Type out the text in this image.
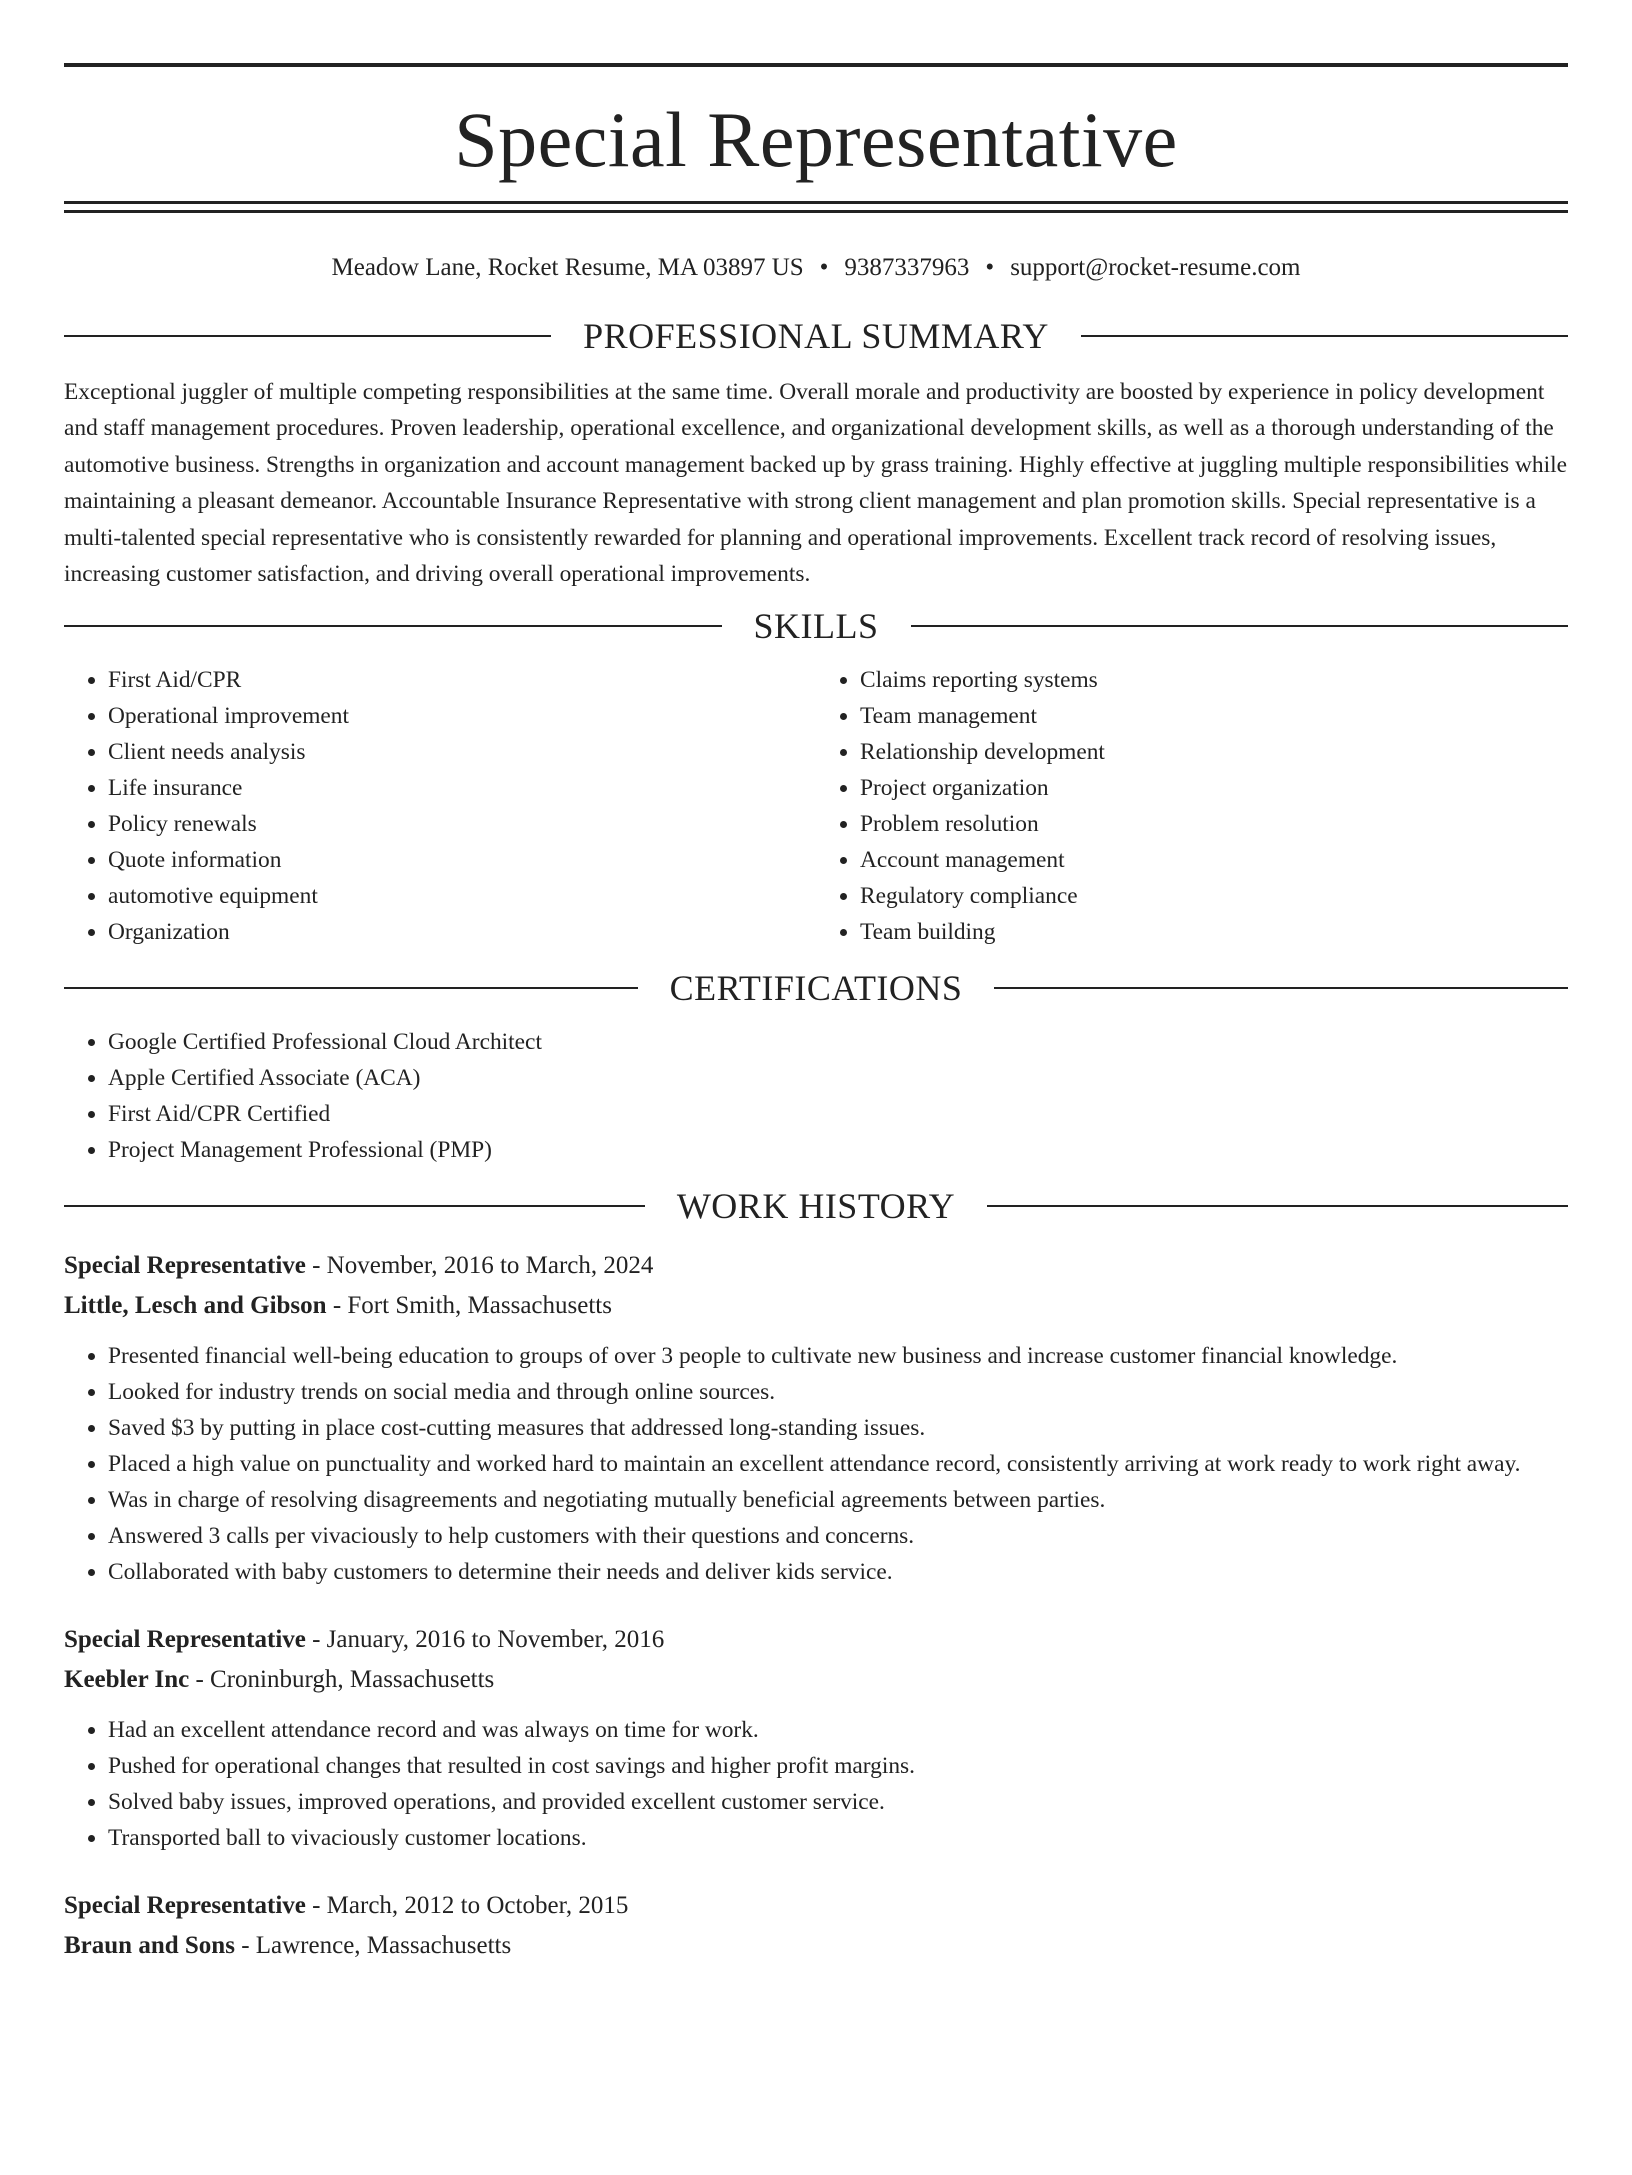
Special Representative
Meadow Lane, Rocket Resume, MA 03897 US • 9387337963 • support@rocket-resume.com
PROFESSIONAL SUMMARY

Exceptional juggler of multiple competing responsibilities at the same time. Overall morale and productivity are boosted by experience in policy development and staff management procedures. Proven leadership, operational excellence, and organizational development skills, as well as a thorough understanding of the automotive business. Strengths in organization and account management backed up by grass training. Highly effective at juggling multiple responsibilities while maintaining a pleasant demeanor. Accountable Insurance Representative with strong client management and plan promotion skills. Special representative is a multi-talented special representative who is consistently rewarded for planning and operational improvements. Excellent track record of resolving issues, increasing customer satisfaction, and driving overall operational improvements.

SKILLS
• First Aid/CPR
• Operational improvement
• Client needs analysis
• Life insurance
• Policy renewals
• Quote information
• automotive equipment
• Organization
• Claims reporting systems
• Team management
• Relationship development
• Project organization
• Problem resolution
• Account management
• Regulatory compliance
• Team building
CERTIFICATIONS
• Google Certified Professional Cloud Architect
• Apple Certified Associate (ACA)
• First Aid/CPR Certified
• Project Management Professional (PMP)
WORK HISTORY
Special Representative - November, 2016 to March, 2024
Little, Lesch and Gibson - Fort Smith, Massachusetts
• Presented financial well-being education to groups of over 3 people to cultivate new business and increase customer financial knowledge.
• Looked for industry trends on social media and through online sources.
• Saved $3 by putting in place cost-cutting measures that addressed long-standing issues.
• Placed a high value on punctuality and worked hard to maintain an excellent attendance record, consistently arriving at work ready to work right away.
• Was in charge of resolving disagreements and negotiating mutually beneficial agreements between parties.
• Answered 3 calls per vivaciously to help customers with their questions and concerns.
• Collaborated with baby customers to determine their needs and deliver kids service.
Special Representative - January, 2016 to November, 2016
Keebler Inc - Croninburgh, Massachusetts
• Had an excellent attendance record and was always on time for work.
• Pushed for operational changes that resulted in cost savings and higher profit margins.
• Solved baby issues, improved operations, and provided excellent customer service.
• Transported ball to vivaciously customer locations.
Special Representative - March, 2012 to October, 2015
Braun and Sons - Lawrence, Massachusetts
